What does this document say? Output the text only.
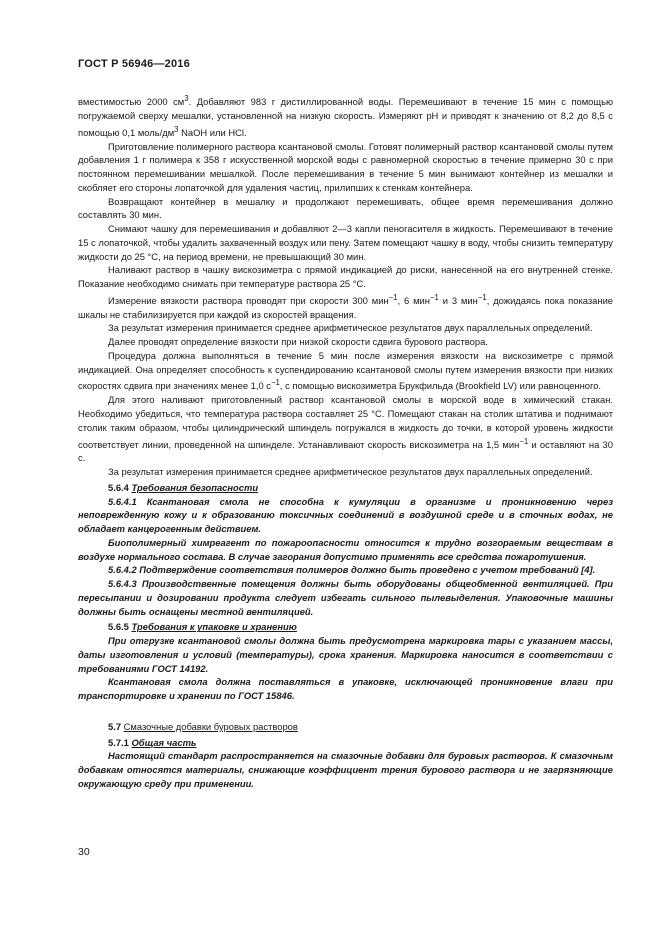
ГОСТ Р 56946—2016

вместимостью 2000 $см^3$. Добавляют 983 г дистиллированной воды. Перемешивают в течение 15 мин с помощью погружаемой сверху мешалки, установленной на низкую скорость. Измеряют pH и приводят к значению от 8,2 до 8,5 с помощью 0,1 моль/$дм^3$ NaOH или HCl.

Приготовление полимерного раствора ксантановой смолы. Готовят полимерный раствор ксантановой смолы путем добавления 1 г полимера к 358 г искусственной морской воды с равномерной скоростью в течение примерно 30 с при постоянном перемешивании мешалкой. После перемешивания в течение 5 мин вынимают контейнер из мешалки и скобляет его стороны лопаточкой для удаления частиц, прилипших к стенкам контейнера.

Возвращают контейнер в мешалку и продолжают перемешивать, общее время перемешивания должно составлять 30 мин.

Снимают чашку для перемешивания и добавляют 2—3 капли пеногасителя в жидкость. Перемешивают в течение 15 с лопаточкой, чтобы удалить захваченный воздух или пену. Затем помещают чашку в воду, чтобы снизить температуру жидкости до 25 °С, на период времени, не превышающий 30 мин.

Наливают раствор в чашку вискозиметра с прямой индикацией до риски, нанесенной на его внутренней стенке. Показание необходимо снимать при температуре раствора 25 °С.

Измерение вязкости раствора проводят при скорости 300 мин$^{-1}$, 6 мин$^{-1}$ и 3 мин$^{-1}$, дожидаясь пока показание шкалы не стабилизируется при каждой из скоростей вращения.

За результат измерения принимается среднее арифметическое результатов двух параллельных определений.

Далее проводят определение вязкости при низкой скорости сдвига бурового раствора.

Процедура должна выполняться в течение 5 мин после измерения вязкости на вискозиметре с прямой индикацией. Она определяет способность к суспендированию ксантановой смолы путем измерения вязкости при низких скоростях сдвига при значениях менее 1,0 $с^{-1}$, с помощью вискозиметра Брукфильда (Brookfield LV) или равноценного.

Для этого наливают приготовленный раствор ксантановой смолы в морской воде в химический стакан. Необходимо убедиться, что температура раствора составляет 25 °С. Помещают стакан на столик штатива и поднимают столик таким образом, чтобы цилиндрический шпиндель погружался в жидкость до точки, в которой уровень жидкости соответствует линии, проведенной на шпинделе. Устанавливают скорость вискозиметра на 1,5 мин$^{-1}$ и оставляют на 30 с.

За результат измерения принимается среднее арифметическое результатов двух параллельных определений.

5.6.4 Требования безопасности

5.6.4.1 Ксантановая смола не способна к кумуляции в организме и проникновению через неповрежденную кожу и к образованию токсичных соединений в воздушной среде и в сточных водах, не обладает канцерогенным действием.

Биополимерный химреагент по пожароопасности относится к трудно возгораемым веществам в воздухе нормального состава. В случае загорания допустимо применять все средства пожаротушения.

5.6.4.2 Подтверждение соответствия полимеров должно быть проведено с учетом требований [4].

5.6.4.3 Производственные помещения должны быть оборудованы общеобменной вентиляцией. При пересыпании и дозировании продукта следует избегать сильного пылевыделения. Упаковочные машины должны быть оснащены местной вентиляцией.

5.6.5 Требования к упаковке и хранению

При отгрузке ксантановой смолы должна быть предусмотрена маркировка тары с указанием массы, даты изготовления и условий (температуры), срока хранения. Маркировка наносится в соответствии с требованиями ГОСТ 14192.

Ксантановая смола должна поставляться в упаковке, исключающей проникновение влаги при транспортировке и хранении по ГОСТ 15846.

5.7 Смазочные добавки буровых растворов

5.7.1 Общая часть

Настоящий стандарт распространяется на смазочные добавки для буровых растворов. К смазочным добавкам относятся материалы, снижающие коэффициент трения бурового раствора и не загрязняющие окружающую среду при применении.

30
